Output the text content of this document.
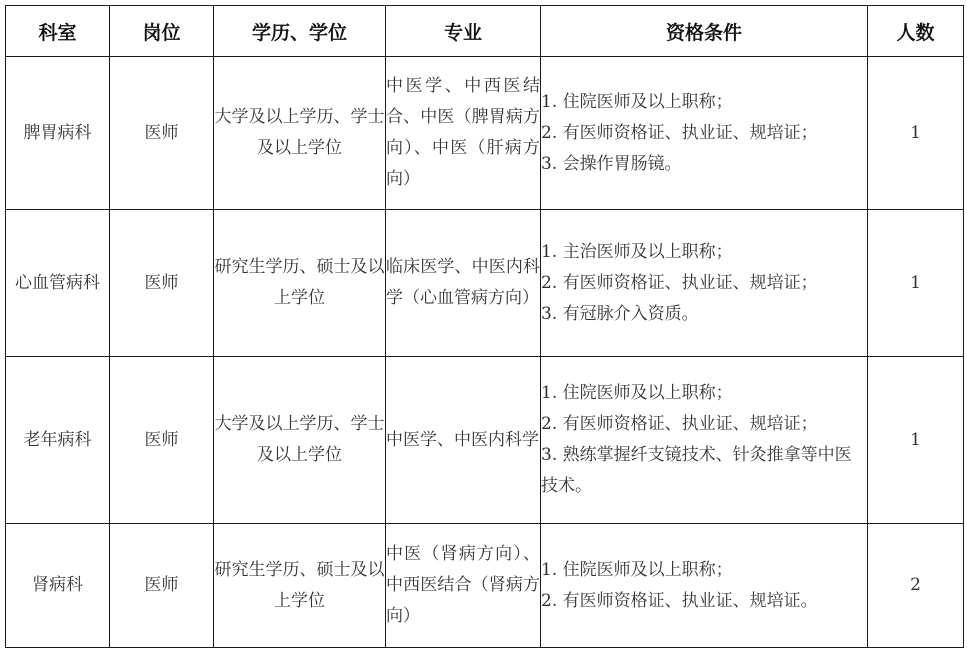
科室	岗位	学历、学位	专业	资格条件	人数
脾胃病科	医师	大学及以上学历、学士及以上学位	中医学、中西医结合、中医（脾胃病方向）、中医（肝病方向）	1. 住院医师及以上职称；
2. 有医师资格证、执业证、规培证；
3. 会操作胃肠镜。	1
心血管病科	医师	研究生学历、硕士及以上学位	临床医学、中医内科学（心血管病方向）	1. 主治医师及以上职称；
2. 有医师资格证、执业证、规培证；
3. 有冠脉介入资质。	1
老年病科	医师	大学及以上学历、学士及以上学位	中医学、中医内科学	1. 住院医师及以上职称；
2. 有医师资格证、执业证、规培证；
3. 熟练掌握纤支镜技术、针灸推拿等中医技术。	1
肾病科	医师	研究生学历、硕士及以上学位	中医（肾病方向）、中西医结合（肾病方向）	1. 住院医师及以上职称；
2. 有医师资格证、执业证、规培证。	2
